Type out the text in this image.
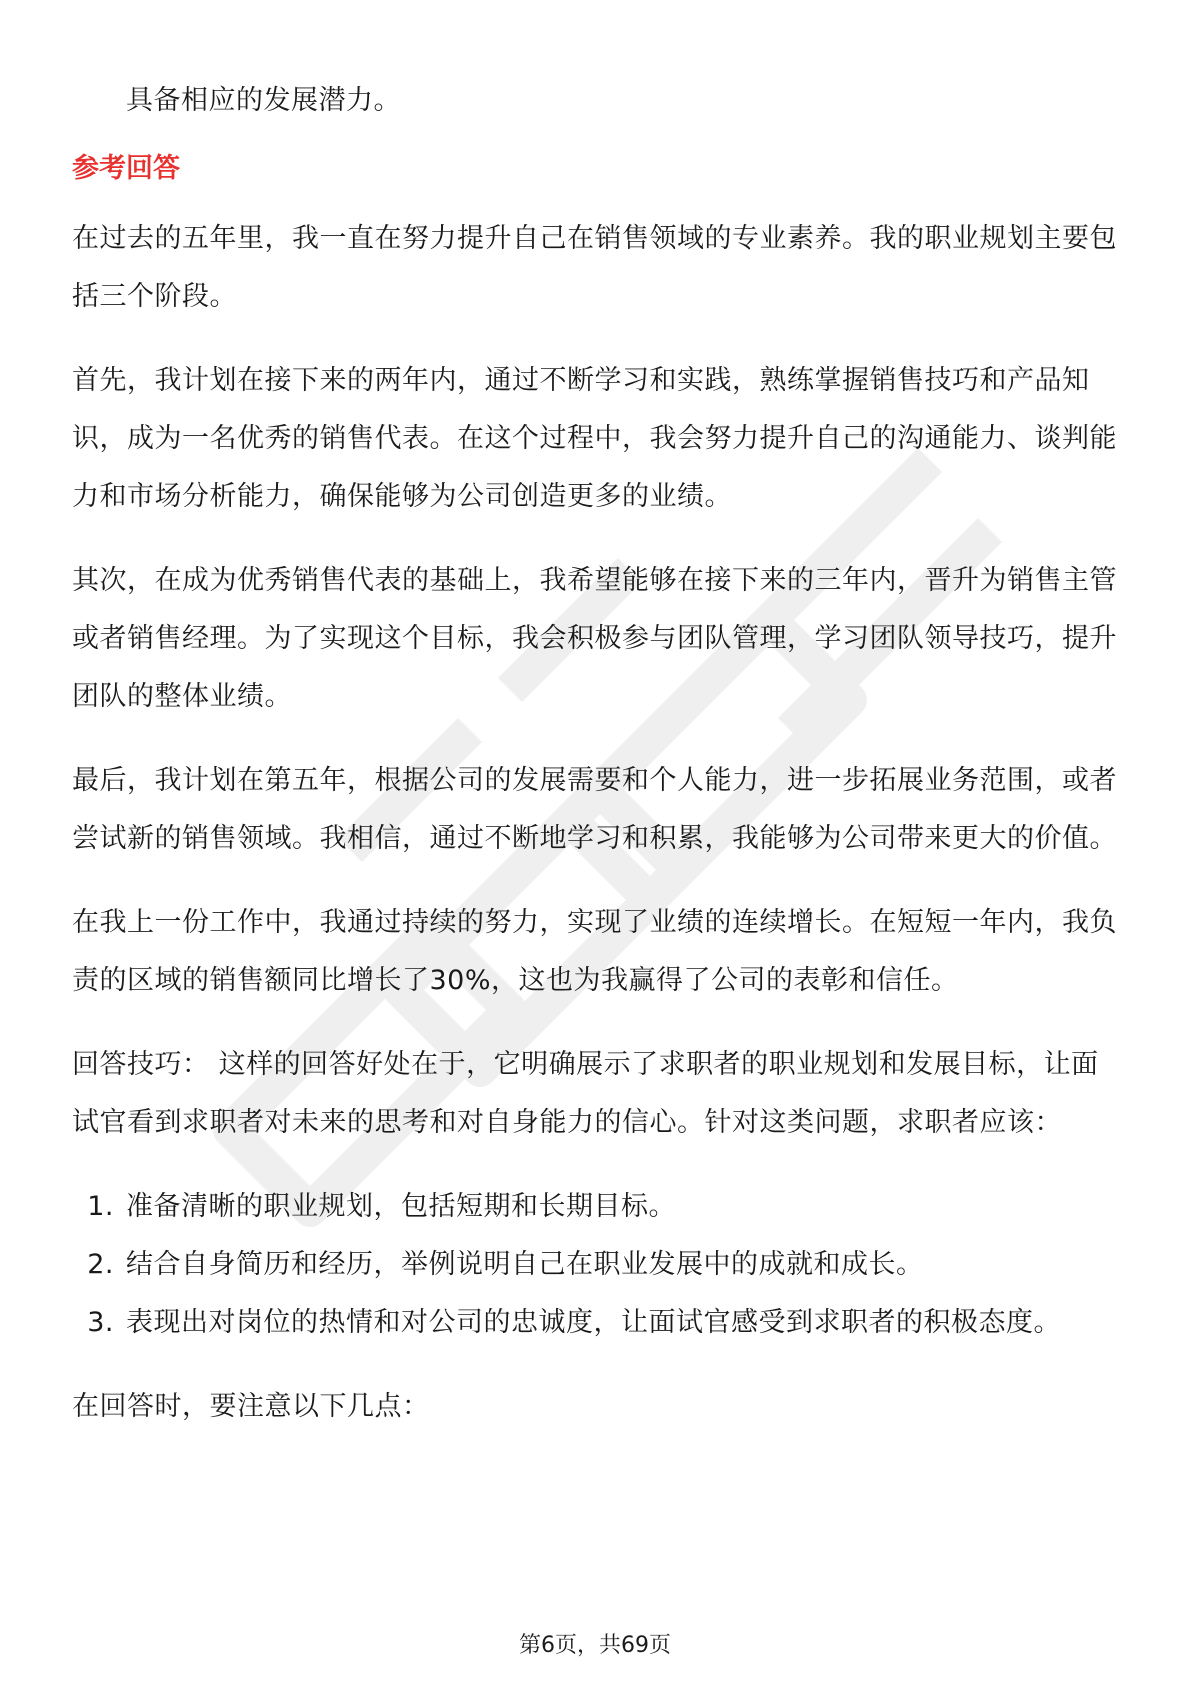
具备相应的发展潜力。

参考回答

在过去的五年里，我一直在努力提升自己在销售领域的专业素养。我的职业规划主要包括三个阶段。

首先，我计划在接下来的两年内，通过不断学习和实践，熟练掌握销售技巧和产品知识，成为一名优秀的销售代表。在这个过程中，我会努力提升自己的沟通能力、谈判能力和市场分析能力，确保能够为公司创造更多的业绩。

其次，在成为优秀销售代表的基础上，我希望能够在接下来的三年内，晋升为销售主管或者销售经理。为了实现这个目标，我会积极参与团队管理，学习团队领导技巧，提升团队的整体业绩。

最后，我计划在第五年，根据公司的发展需要和个人能力，进一步拓展业务范围，或者尝试新的销售领域。我相信，通过不断地学习和积累，我能够为公司带来更大的价值。

在我上一份工作中，我通过持续的努力，实现了业绩的连续增长。在短短一年内，我负责的区域的销售额同比增长了30%，这也为我赢得了公司的表彰和信任。

回答技巧： 这样的回答好处在于，它明确展示了求职者的职业规划和发展目标，让面试官看到求职者对未来的思考和对自身能力的信心。针对这类问题，求职者应该：

1. 准备清晰的职业规划，包括短期和长期目标。
2. 结合自身简历和经历，举例说明自己在职业发展中的成就和成长。
3. 表现出对岗位的热情和对公司的忠诚度，让面试官感受到求职者的积极态度。

在回答时，要注意以下几点：

第6页，共69页
